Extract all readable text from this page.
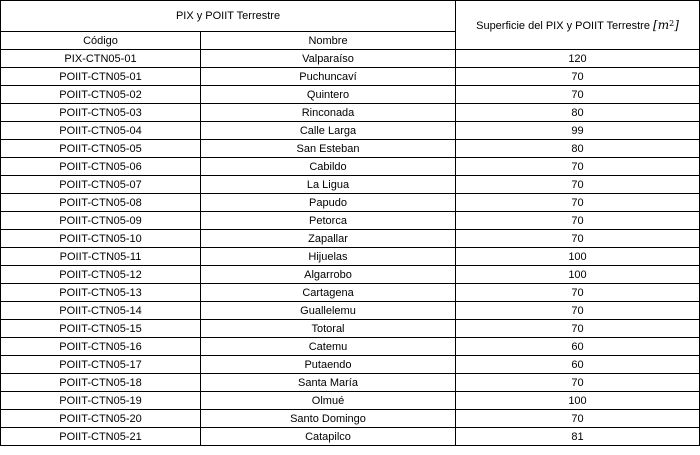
PIX y POIIT Terrestre		Superficie del PIX y POIIT Terrestre $[m^2]$
Código	Nombre	
PIX-CTN05-01	Valparaíso	120
POIIT-CTN05-01	Puchuncaví	70
POIIT-CTN05-02	Quintero	70
POIIT-CTN05-03	Rinconada	80
POIIT-CTN05-04	Calle Larga	99
POIIT-CTN05-05	San Esteban	80
POIIT-CTN05-06	Cabildo	70
POIIT-CTN05-07	La Ligua	70
POIIT-CTN05-08	Papudo	70
POIIT-CTN05-09	Petorca	70
POIIT-CTN05-10	Zapallar	70
POIIT-CTN05-11	Hijuelas	100
POIIT-CTN05-12	Algarrobo	100
POIIT-CTN05-13	Cartagena	70
POIIT-CTN05-14	Guallelemu	70
POIIT-CTN05-15	Totoral	70
POIIT-CTN05-16	Catemu	60
POIIT-CTN05-17	Putaendo	60
POIIT-CTN05-18	Santa María	70
POIIT-CTN05-19	Olmué	100
POIIT-CTN05-20	Santo Domingo	70
POIIT-CTN05-21	Catapilco	81
